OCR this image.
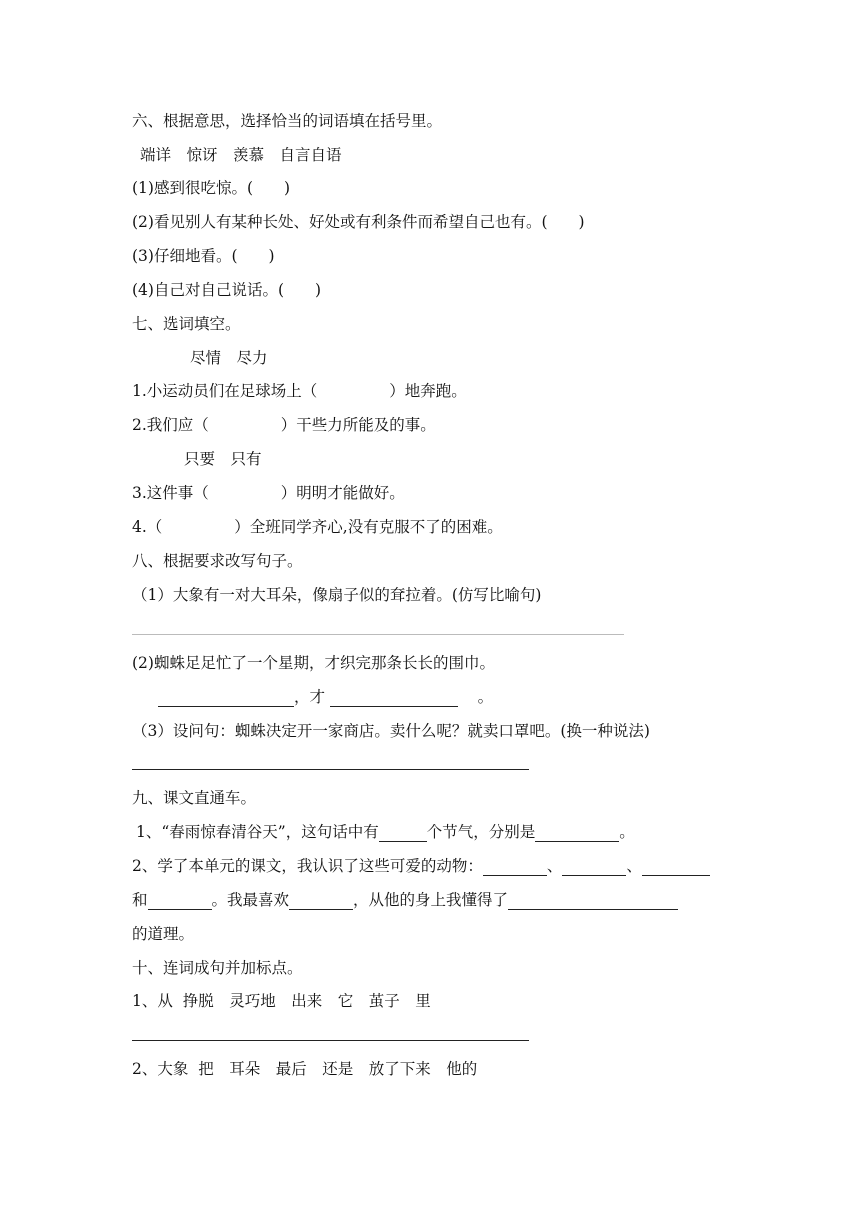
六、根据意思，选择恰当的词语填在括号里。
端详　惊讶　羡慕　自言自语
(1)感到很吃惊。(　　)
(2)看见别人有某种长处、好处或有利条件而希望自己也有。(　　)
(3)仔细地看。(　　)
(4)自己对自己说话。(　　)
七、选词填空。
尽情　尽力
1.小运动员们在足球场上（	）地奔跑。
2.我们应（	）干些力所能及的事。
只要　只有
3.这件事（	）明明才能做好。
4.（	）全班同学齐心,没有克服不了的困难。
八、根据要求改写句子。
（1）大象有一对大耳朵，像扇子似的耷拉着。(仿写比喻句)
(2)蜘蛛足足忙了一个星期，才织完那条长长的围巾。
，才	。
（3）设问句：蜘蛛决定开一家商店。卖什么呢？就卖口罩吧。(换一种说法)
九、课文直通车。
1、“春雨惊春清谷天”，这句话中有	个节气，分别是	。
2、学了本单元的课文，我认识了这些可爱的动物：	、	、
和	。我最喜欢	，从他的身上我懂得了
的道理。
十、连词成句并加标点。
1、从  挣脱　灵巧地　出来　它　茧子　里
2、大象  把　耳朵　最后　还是　放了下来　他的
